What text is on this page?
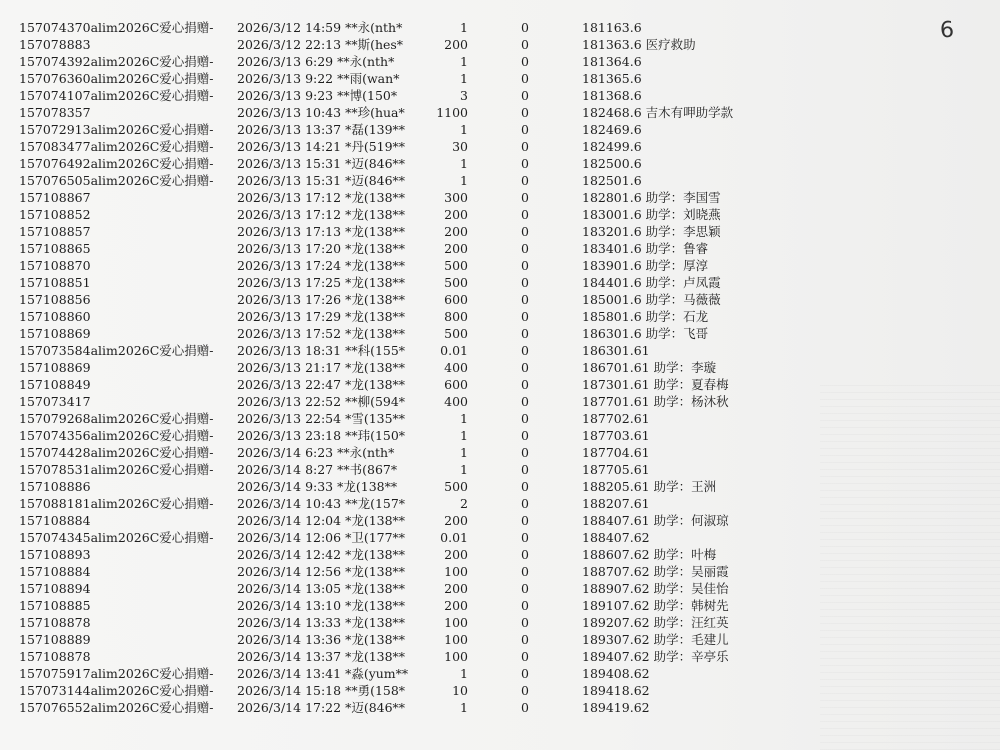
6
157074370alim2026C爱心捐赠- 2026/3/12 14:59 **永(nth*	1	0	181163.6
157078883	2026/3/12 22:13 **斯(hes*	200	0	181363.6 医疗救助
157074392alim2026C爱心捐赠- 2026/3/13 6:29 **永(nth*	1	0	181364.6
157076360alim2026C爱心捐赠- 2026/3/13 9:22 **雨(wan*	1	0	181365.6
157074107alim2026C爱心捐赠- 2026/3/13 9:23 **博(150*	3	0	181368.6
157078357	2026/3/13 10:43 **珍(hua*	1100	0	182468.6 吉木有呷助学款
157072913alim2026C爱心捐赠- 2026/3/13 13:37 *磊(139**	1	0	182469.6
157083477alim2026C爱心捐赠- 2026/3/13 14:21 *丹(519**	30	0	182499.6
157076492alim2026C爱心捐赠- 2026/3/13 15:31 *迈(846**	1	0	182500.6
157076505alim2026C爱心捐赠- 2026/3/13 15:31 *迈(846**	1	0	182501.6
157108867	2026/3/13 17:12 *龙(138**	300	0	182801.6 助学：李国雪
157108852	2026/3/13 17:12 *龙(138**	200	0	183001.6 助学：刘晓燕
157108857	2026/3/13 17:13 *龙(138**	200	0	183201.6 助学：李思颖
157108865	2026/3/13 17:20 *龙(138**	200	0	183401.6 助学：鲁睿
157108870	2026/3/13 17:24 *龙(138**	500	0	183901.6 助学：厚淳
157108851	2026/3/13 17:25 *龙(138**	500	0	184401.6 助学：卢凤霞
157108856	2026/3/13 17:26 *龙(138**	600	0	185001.6 助学：马薇薇
157108860	2026/3/13 17:29 *龙(138**	800	0	185801.6 助学：石龙
157108869	2026/3/13 17:52 *龙(138**	500	0	186301.6 助学：飞哥
157073584alim2026C爱心捐赠- 2026/3/13 18:31 **科(155*	0.01	0	186301.61
157108869	2026/3/13 21:17 *龙(138**	400	0	186701.61 助学：李璇
157108849	2026/3/13 22:47 *龙(138**	600	0	187301.61 助学：夏春梅
157073417	2026/3/13 22:52 **柳(594*	400	0	187701.61 助学：杨沐秋
157079268alim2026C爱心捐赠- 2026/3/13 22:54 *雪(135**	1	0	187702.61
157074356alim2026C爱心捐赠- 2026/3/13 23:18 **玮(150*	1	0	187703.61
157074428alim2026C爱心捐赠- 2026/3/14 6:23 **永(nth*	1	0	187704.61
157078531alim2026C爱心捐赠- 2026/3/14 8:27 **书(867*	1	0	187705.61
157108886	2026/3/14 9:33 *龙(138**	500	0	188205.61 助学：王洲
157088181alim2026C爱心捐赠- 2026/3/14 10:43 **龙(157*	2	0	188207.61
157108884	2026/3/14 12:04 *龙(138**	200	0	188407.61 助学：何淑琼
157074345alim2026C爱心捐赠- 2026/3/14 12:06 *卫(177**	0.01	0	188407.62
157108893	2026/3/14 12:42 *龙(138**	200	0	188607.62 助学：叶梅
157108884	2026/3/14 12:56 *龙(138**	100	0	188707.62 助学：吴丽霞
157108894	2026/3/14 13:05 *龙(138**	200	0	188907.62 助学：吴佳怡
157108885	2026/3/14 13:10 *龙(138**	200	0	189107.62 助学：韩树先
157108878	2026/3/14 13:33 *龙(138**	100	0	189207.62 助学：汪红英
157108889	2026/3/14 13:36 *龙(138**	100	0	189307.62 助学：毛建儿
157108878	2026/3/14 13:37 *龙(138**	100	0	189407.62 助学：辛亭乐
157075917alim2026C爱心捐赠- 2026/3/14 13:41 *淼(yum**	1	0	189408.62
157073144alim2026C爱心捐赠- 2026/3/14 15:18 **勇(158*	10	0	189418.62
157076552alim2026C爱心捐赠- 2026/3/14 17:22 *迈(846**	1	0	189419.62
